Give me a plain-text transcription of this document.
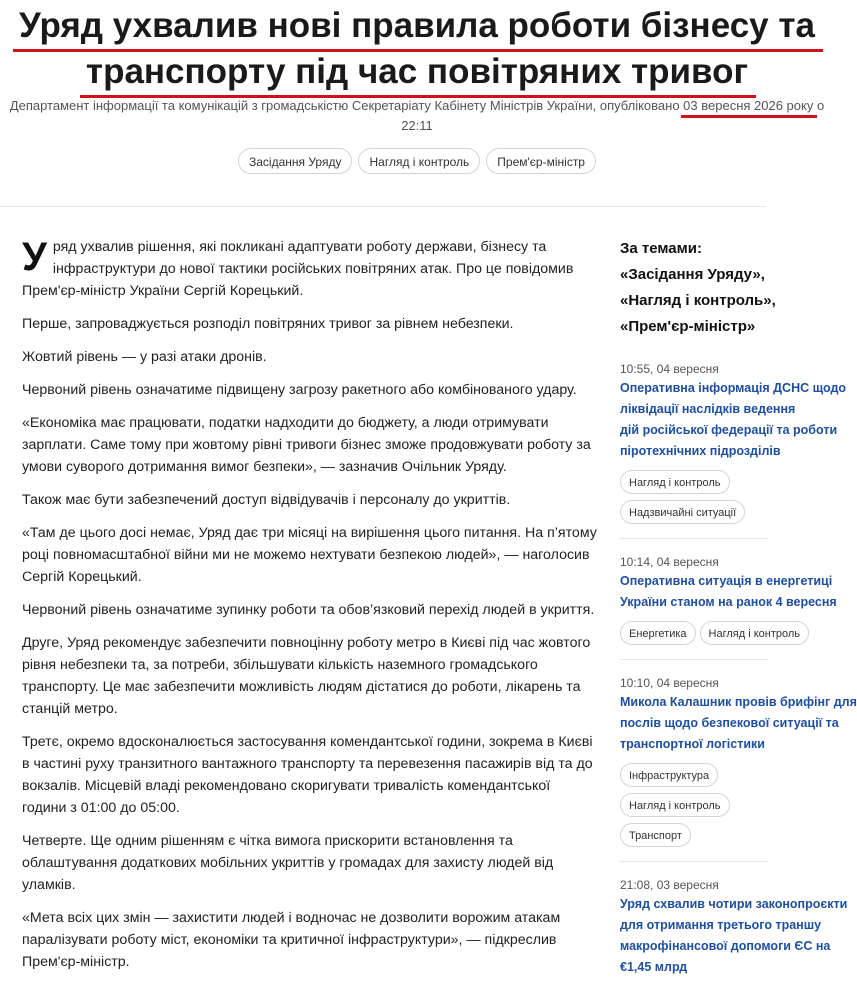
Уряд ухвалив нові правила роботи бізнесу та
транспорту під час повітряних тривог
Департамент інформації та комунікацій з громадськістю Секретаріату Кабінету Міністрів України, опубліковано 03 вересня 2026 року
о
22:11
Засідання Уряду Нагляд і контроль Прем'єр-міністр

Уряд ухвалив рішення, які покликані адаптувати роботу держави, бізнесу та інфраструктури до нової тактики російських повітряних атак. Про це повідомив Прем'єр-міністр України Сергій Корецький.

Перше, запроваджується розподіл повітряних тривог за рівнем небезпеки.

Жовтий рівень — у разі атаки дронів.

Червоний рівень означатиме підвищену загрозу ракетного або комбінованого удару.

«Економіка має працювати, податки надходити до бюджету, а люди отримувати зарплати. Саме тому при жовтому рівні тривоги бізнес зможе продовжувати роботу за умови суворого дотримання вимог безпеки», — зазначив Очільник Уряду.

Також має бути забезпечений доступ відвідувачів і персоналу до укриттів.

«Там де цього досі немає, Уряд дає три місяці на вирішення цього питання. На п’ятому році повномасштабної війни ми не можемо нехтувати безпекою людей», — наголосив Сергій Корецький.

Червоний рівень означатиме зупинку роботи та обов’язковий перехід людей в укриття.

Друге, Уряд рекомендує забезпечити повноцінну роботу метро в Києві під час жовтого рівня небезпеки та, за потреби, збільшувати кількість наземного громадського транспорту. Це має забезпечити можливість людям дістатися до роботи, лікарень та станцій метро.

Третє, окремо вдосконалюється застосування комендантської години, зокрема в Києві в частині руху транзитного вантажного транспорту та перевезення пасажирів від та до вокзалів. Місцевій владі рекомендовано скоригувати тривалість комендантської години з 01:00 до 05:00.

Четверте. Ще одним рішенням є чітка вимога прискорити встановлення та облаштування додаткових мобільних укриттів у громадах для захисту людей від уламків.

«Мета всіх цих змін — захистити людей і водночас не дозволити ворожим атакам паралізувати роботу міст, економіки та критичної інфраструктури», — підкреслив Прем'єр-міністр.

За темами:
«Засідання Уряду»,
«Нагляд і контроль»,
«Прем'єр-міністр»
10:55, 04 вересня
Оперативна інформація ДСНС щодо
ліквідації наслідків ведення
дій російської федерації та роботи
піротехнічних підрозділів
Нагляд і контроль
Надзвичайні ситуації
10:14, 04 вересня
Оперативна ситуація в енергетиці
України станом на ранок 4 вересня
Енергетика Нагляд і контроль
10:10, 04 вересня
Микола Калашник провів брифінг для
послів щодо безпекової ситуації та
транспортної логістики
ІнфраструктураНагляд і контроль
Транспорт
21:08, 03 вересня
Уряд схвалив чотири законопроєкти
для отримання третього траншу
макрофінансової допомоги ЄС на
€1,45 млрд
